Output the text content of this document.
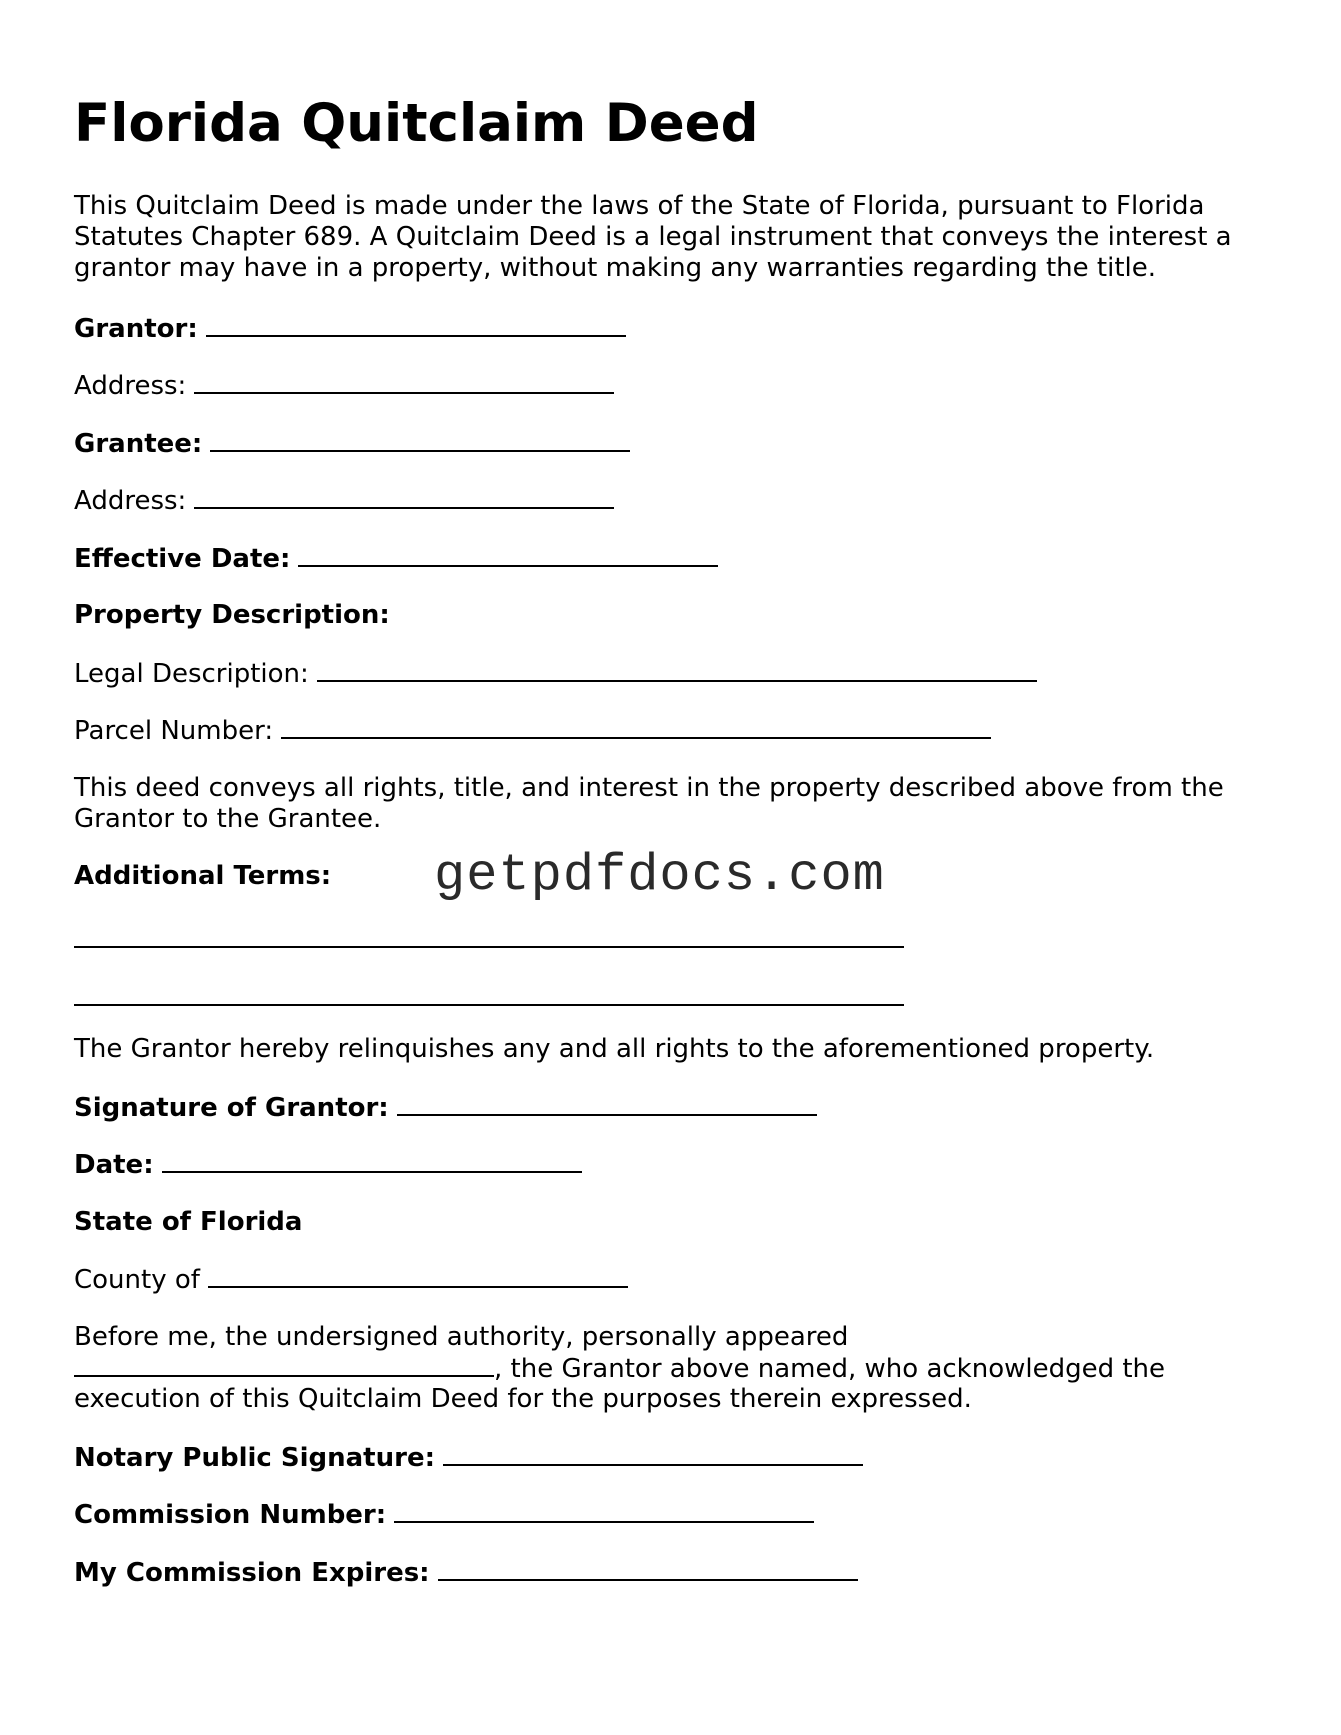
Florida Quitclaim Deed

This Quitclaim Deed is made under the laws of the State of Florida, pursuant to Florida Statutes Chapter 689. A Quitclaim Deed is a legal instrument that conveys the interest a grantor may have in a property, without making any warranties regarding the title.

Grantor:
Address:
Grantee:
Address:
Effective Date:
Property Description:
Legal Description:
Parcel Number:

This deed conveys all rights, title, and interest in the property described above from the Grantor to the Grantee.

Additional Terms:

The Grantor hereby relinquishes any and all rights to the aforementioned property.

Signature of Grantor:
Date:
State of Florida
County of
Before me, the undersigned authority, personally appeared
, the Grantor above named, who acknowledged the
execution of this Quitclaim Deed for the purposes therein expressed.
Notary Public Signature:
Commission Number:
My Commission Expires:
getpdfdocs.com
